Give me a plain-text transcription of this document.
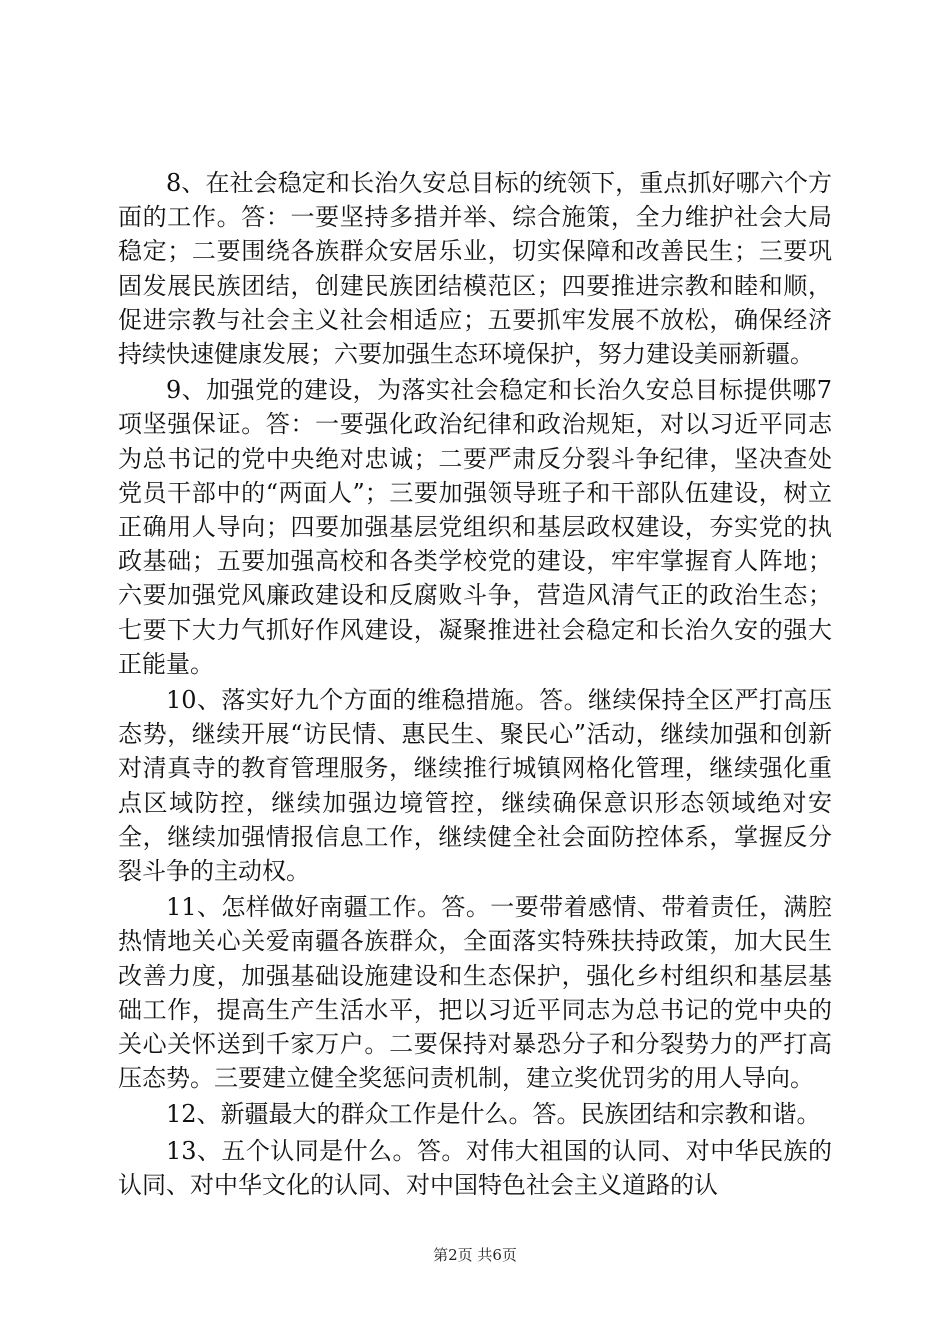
8、在社会稳定和长治久安总目标的统领下，重点抓好哪六个方面的工作。答：一要坚持多措并举、综合施策，全力维护社会大局稳定；二要围绕各族群众安居乐业，切实保障和改善民生；三要巩固发展民族团结，创建民族团结模范区；四要推进宗教和睦和顺，促进宗教与社会主义社会相适应；五要抓牢发展不放松，确保经济持续快速健康发展；六要加强生态环境保护，努力建设美丽新疆。

9、加强党的建设，为落实社会稳定和长治久安总目标提供哪7项坚强保证。答：一要强化政治纪律和政治规矩，对以习近平同志为总书记的党中央绝对忠诚；二要严肃反分裂斗争纪律，坚决查处党员干部中的“两面人”；三要加强领导班子和干部队伍建设，树立正确用人导向；四要加强基层党组织和基层政权建设，夯实党的执政基础；五要加强高校和各类学校党的建设，牢牢掌握育人阵地；六要加强党风廉政建设和反腐败斗争，营造风清气正的政治生态；七要下大力气抓好作风建设，凝聚推进社会稳定和长治久安的强大正能量。

10、落实好九个方面的维稳措施。答。继续保持全区严打高压态势，继续开展“访民情、惠民生、聚民心”活动，继续加强和创新对清真寺的教育管理服务，继续推行城镇网格化管理，继续强化重点区域防控，继续加强边境管控，继续确保意识形态领域绝对安全，继续加强情报信息工作，继续健全社会面防控体系，掌握反分裂斗争的主动权。

11、怎样做好南疆工作。答。一要带着感情、带着责任，满腔热情地关心关爱南疆各族群众，全面落实特殊扶持政策，加大民生改善力度，加强基础设施建设和生态保护，强化乡村组织和基层基础工作，提高生产生活水平，把以习近平同志为总书记的党中央的关心关怀送到千家万户。二要保持对暴恐分子和分裂势力的严打高压态势。三要建立健全奖惩问责机制，建立奖优罚劣的用人导向。

12、新疆最大的群众工作是什么。答。民族团结和宗教和谐。

13、五个认同是什么。答。对伟大祖国的认同、对中华民族的认同、对中华文化的认同、对中国特色社会主义道路的认

第2页 共6页
